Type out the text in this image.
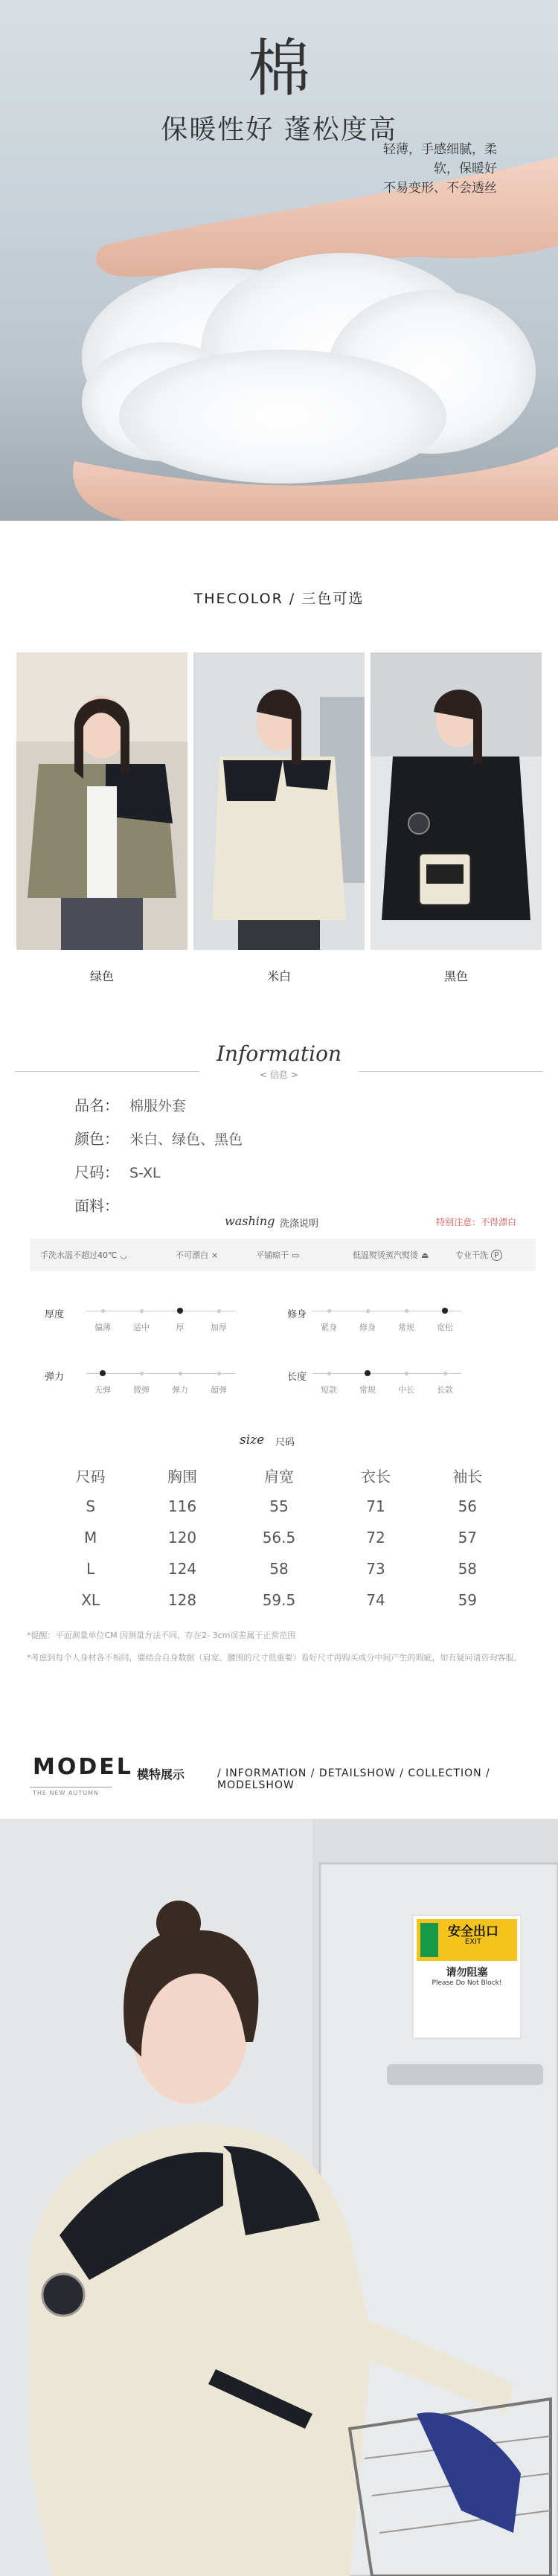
棉
保暖性好 蓬松度高
轻薄，手感细腻，柔软，保暖好
不易变形、不会透丝
THECOLOR / 三色可选
绿色	米白	黑色
Information
< 信息 >
品名： 棉服外套
颜色： 米白、绿色、黑色
尺码： S-XL
面料：
washing 洗涤说明	特别注意：不得漂白
手洗水温不超过40℃ ◡	不可漂白 ⨯	平铺晾干 ▭	低温熨烫蒸汽熨烫 ⏏	专业干洗 P
厚度	修身
弹力	长度
偏薄	适中	厚	加厚	紧身	修身	常规	宽松
无弹	微弹	弹力	超弹	短款	常规	中长	长款
size 尺码
尺码	胸围	肩宽	衣长	袖长
S	116	55	71	56
M	120	56.5	72	57
L	124	58	73	58
XL	128	59.5	74	59
*提醒：平面测量单位CM 因测量方法不同，存在2- 3cm误差属于正常范围
*考虑到每个人身材各不相同，要结合自身数据（肩宽、腰围的尺寸很重要）看好尺寸再购买或分中间产生的瑕疵，如有疑问请咨询客服。
MODEL
THE NEW AUTUMN
模特展示	/ INFORMATION / DETAILSHOW / COLLECTION / MODELSHOW
安全出口
EXIT
请勿阻塞
Please Do Not Block!
